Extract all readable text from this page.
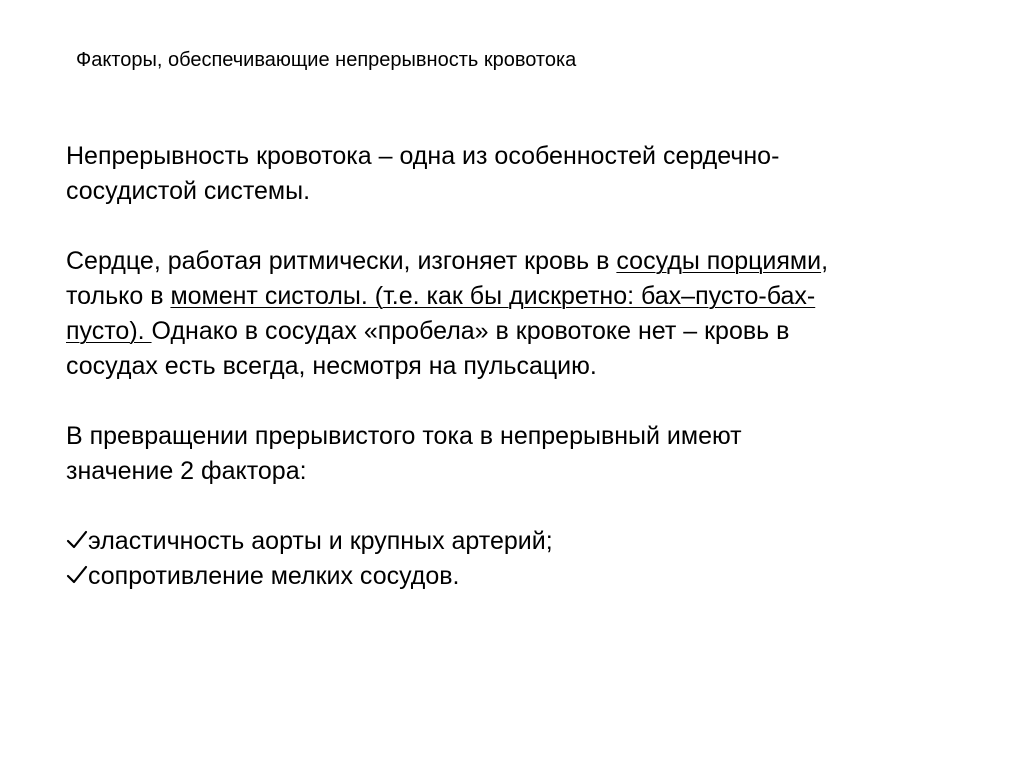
Факторы, обеспечивающие непрерывность кровотока
Непрерывность кровотока – одна из особенностей сердечно-
сосудистой системы.
Сердце, работая ритмически, изгоняет кровь в сосуды порциями,
только в момент систолы. (т.е. как бы дискретно: бах–пусто-бах-
пусто). Однако в сосудах «пробела» в кровотоке нет – кровь в
сосудах есть всегда, несмотря на пульсацию.
В превращении прерывистого тока в непрерывный имеют
значение 2 фактора:
эластичность аорты и крупных артерий;
сопротивление мелких сосудов.
